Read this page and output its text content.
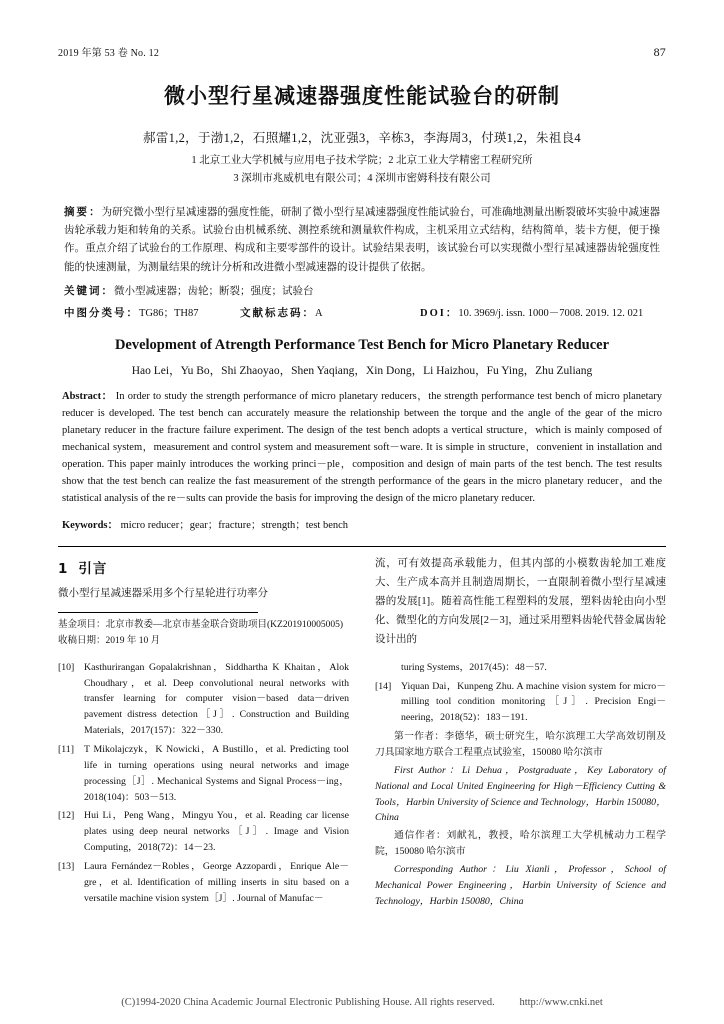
2019 年第 53 卷 No. 12	87
微小型行星减速器强度性能试验台的研制
郝雷1,2，于渤1,2，石照耀1,2，沈亚强3，辛栋3，李海周3，付瑛1,2，朱祖良4
1 北京工业大学机械与应用电子技术学院；2 北京工业大学精密工程研究所
3 深圳市兆威机电有限公司；4 深圳市密姆科技有限公司
摘要：为研究微小型行星减速器的强度性能，研制了微小型行星减速器强度性能试验台，可准确地测量出断裂破坏实验中减速器齿轮承载力矩和转角的关系。试验台由机械系统、测控系统和测量软件构成，主机采用立式结构，结构简单，装卡方便，便于操作。重点介绍了试验台的工作原理、构成和主要零部件的设计。试验结果表明，该试验台可以实现微小型行星减速器齿轮强度性能的快速测量，为测量结果的统计分析和改进微小型减速器的设计提供了依据。
关键词：微小型减速器；齿轮；断裂；强度；试验台
中图分类号：TG86；TH87	文献标志码：A	DOI：10. 3969/j. issn. 1000－7008. 2019. 12. 021
Development of Atrength Performance Test Bench for Micro Planetary Reducer
Hao Lei，Yu Bo，Shi Zhaoyao，Shen Yaqiang，Xin Dong，Li Haizhou，Fu Ying，Zhu Zuliang
Abstract： In order to study the strength performance of micro planetary reducers，the strength performance test bench of micro planetary reducer is developed. The test bench can accurately measure the relationship between the torque and the angle of the gear of the micro planetary reducer in the fracture failure experiment. The design of the test bench adopts a vertical structure，which is mainly composed of mechanical system，measurement and control system and measurement soft－ware. It is simple in structure，convenient in installation and operation. This paper mainly introduces the working princi－ple，composition and design of main parts of the test bench. The test results show that the test bench can realize the fast measurement of the strength performance of the gears in the micro planetary reducer，and the statistical analysis of the re－sults can provide the basis for improving the design of the micro planetary reducer.
Keywords： micro reducer；gear；fracture；strength；test bench
1 引言
微小型行星减速器采用多个行星轮进行功率分
基金项目：北京市教委—北京市基金联合资助项目(KZ201910005005)
收稿日期：2019 年 10 月
流，可有效提高承载能力，但其内部的小模数齿轮加工难度大、生产成本高并且制造周期长，一直限制着微小型行星减速器的发展[1]。随着高性能工程塑料的发展，塑料齿轮由向小型化、微型化的方向发展[2－3]，通过采用塑料齿轮代替金属齿轮设计出的
[10] Kasthurirangan Gopalakrishnan，Siddhartha K Khaitan，Alok Choudhary，et al. Deep convolutional neural networks with transfer learning for computer vision－based data－driven pavement distress detection［J］. Construction and Building Materials，2017(157)：322－330.
[11]	T Mikolajczyk，K Nowicki，A Bustillo，et al. Predicting tool life in turning operations using neural networks and image processing［J］. Mechanical Systems and Signal Process－ing，2018(104)：503－513.
[12] Hui Li，Peng Wang，Mingyu You，et al. Reading car license plates using deep neural networks［J］. Image and Vision Computing，2018(72)：14－23.
[13] Laura Fernández－Robles，George Azzopardi，Enrique Ale－gre，et al. Identification of milling inserts in situ based on a versatile machine vision system［J］. Journal of Manufac－
turing Systems，2017(45)：48－57.
[14] Yiquan Dai，Kunpeng Zhu. A machine vision system for micro－milling tool condition monitoring［J］. Precision Engi－neering，2018(52)：183－191.
第一作者：李德华，硕士研究生，哈尔滨理工大学高效切削及刀具国家地方联合工程重点试验室，150080 哈尔滨市
First Author：Li Dehua，Postgraduate，Key Laboratory of National and Local United Engineering for High－Efficiency Cutting & Tools，Harbin University of Science and Technology，Harbin 150080，China
通信作者：刘献礼，教授，哈尔滨理工大学机械动力工程学院，150080 哈尔滨市
Corresponding Author：Liu Xianli，Professor，School of Mechanical Power Engineering，Harbin University of Science and Technology，Harbin 150080，China
(C)1994-2020 China Academic Journal Electronic Publishing House. All rights reserved. http://www.cnki.net
